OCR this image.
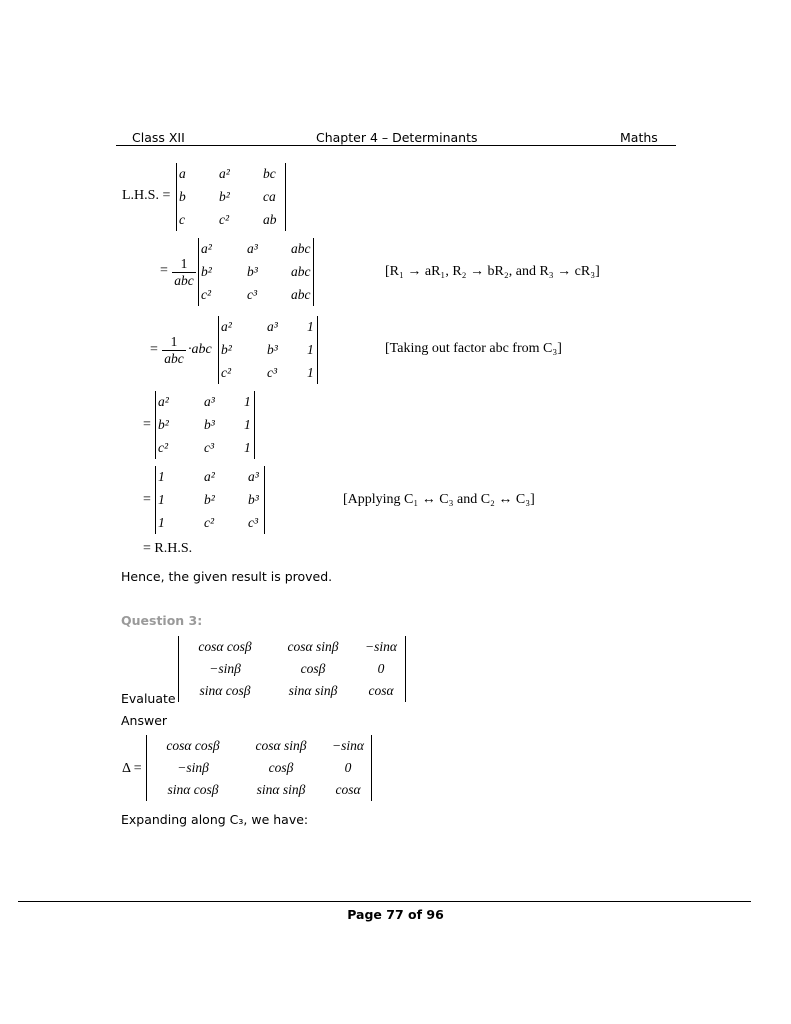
Class XII	Chapter 4 – Determinants	Maths
L.H.S. =
a	a²	bc
b	b²	ca
c	c²	ab
= 1
abc
a²	a³	abc
b²	b³	abc
c²	c³	abc
[R₁ → aR₁, R₂ → bR₂, and R₃ → cR₃]
=
1
abc
·abc
a²	a³	1
b²	b³	1
c²	c³	1
[Taking out factor abc from C₃]
=
a²	a³	1
b²	b³	1
c²	c³	1
=
1	a²	a³
1	b²	b³
1	c²	c³
[Applying C₁ ↔ C₃ and C₂ ↔ C₃]
= R.H.S.
Hence, the given result is proved.
Question 3:
cosα cosβ	cosα sinβ	−sinα
−sinβ	cosβ	0
sinα cosβ	sinα sinβ	cosα
Evaluate
Answer
Δ =
cosα cosβ	cosα sinβ	−sinα
−sinβ	cosβ	0
sinα cosβ	sinα sinβ	cosα
Expanding along C₃, we have:
Page 77 of 96
